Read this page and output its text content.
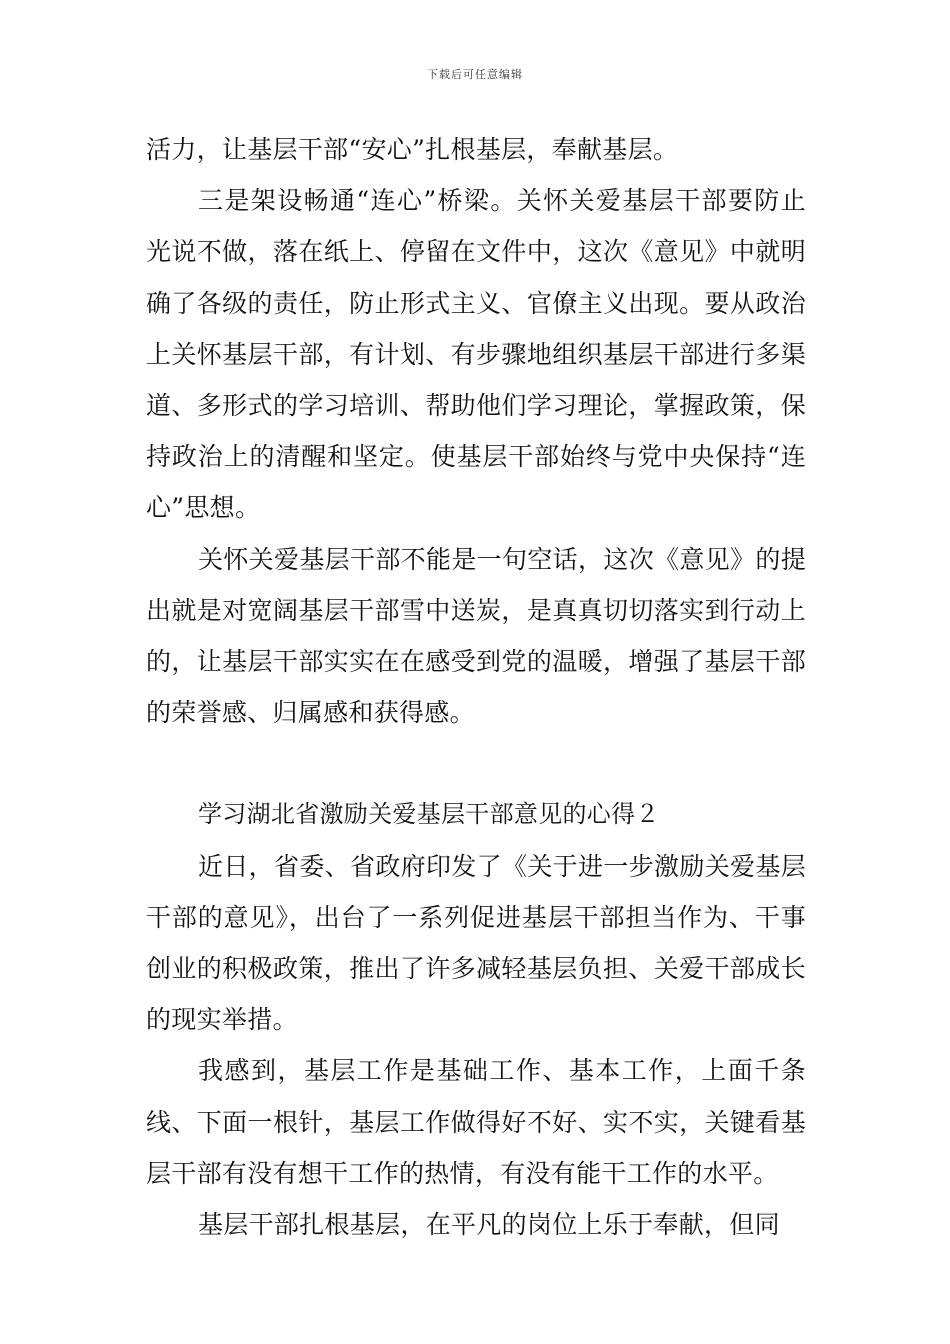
下载后可任意编辑

活力，让基层干部“安心”扎根基层，奉献基层。

三是架设畅通“连心”桥梁。关怀关爱基层干部要防止光说不做，落在纸上、停留在文件中，这次《意见》中就明确了各级的责任，防止形式主义、官僚主义出现。要从政治上关怀基层干部，有计划、有步骤地组织基层干部进行多渠道、多形式的学习培训、帮助他们学习理论，掌握政策，保持政治上的清醒和坚定。使基层干部始终与党中央保持“连心”思想。

关怀关爱基层干部不能是一句空话，这次《意见》的提出就是对宽阔基层干部雪中送炭，是真真切切落实到行动上的，让基层干部实实在在感受到党的温暖，增强了基层干部的荣誉感、归属感和获得感。

学习湖北省激励关爱基层干部意见的心得２

近日，省委、省政府印发了《关于进一步激励关爱基层干部的意见》，出台了一系列促进基层干部担当作为、干事创业的积极政策，推出了许多减轻基层负担、关爱干部成长的现实举措。

我感到，基层工作是基础工作、基本工作，上面千条线、下面一根针，基层工作做得好不好、实不实，关键看基层干部有没有想干工作的热情，有没有能干工作的水平。

基层干部扎根基层，在平凡的岗位上乐于奉献，但同
